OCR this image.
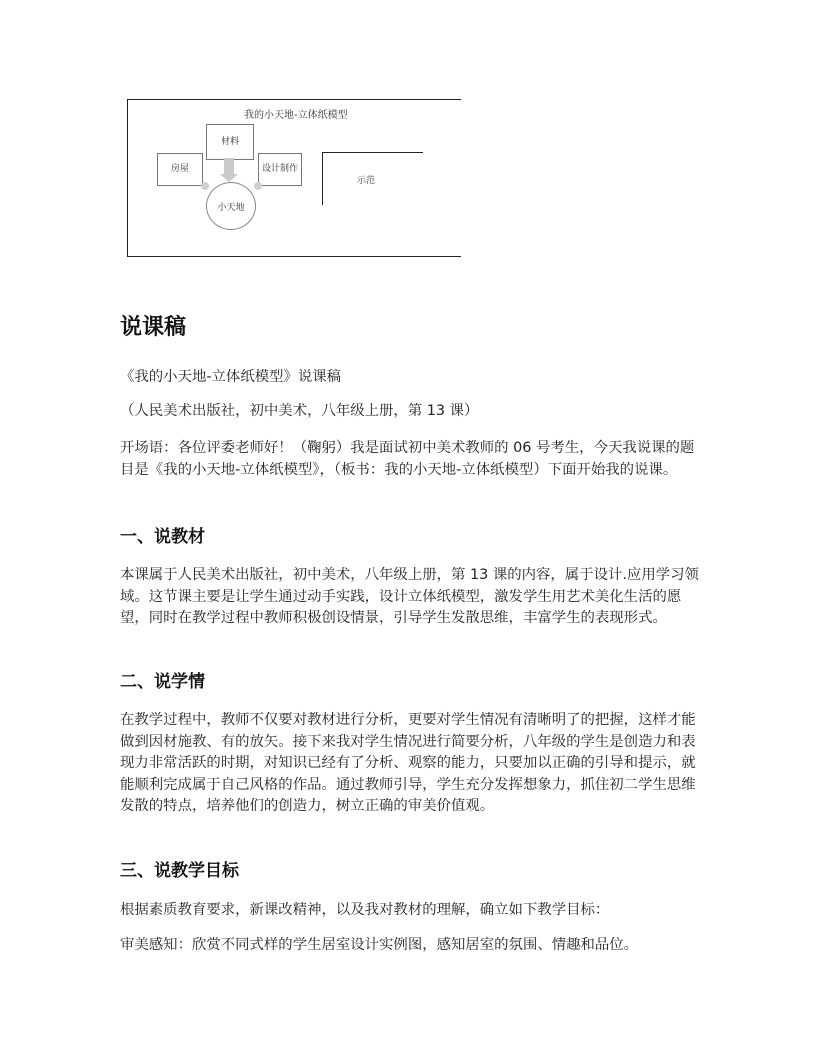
我的小天地-立体纸模型
房屋
材料
设计制作
小天地
示范
说课稿

《我的小天地-立体纸模型》说课稿

（人民美术出版社，初中美术，八年级上册，第 13 课）

开场语：各位评委老师好！（鞠躬）我是面试初中美术教师的 06 号考生，今天我说课的题目是《我的小天地-立体纸模型》，（板书：我的小天地-立体纸模型）下面开始我的说课。

一、说教材

本课属于人民美术出版社，初中美术，八年级上册，第 13 课的内容，属于设计.应用学习领域。这节课主要是让学生通过动手实践，设计立体纸模型，激发学生用艺术美化生活的愿望，同时在教学过程中教师积极创设情景，引导学生发散思维，丰富学生的表现形式。

二、说学情

在教学过程中，教师不仅要对教材进行分析，更要对学生情况有清晰明了的把握，这样才能做到因材施教、有的放矢。接下来我对学生情况进行简要分析，八年级的学生是创造力和表现力非常活跃的时期，对知识已经有了分析、观察的能力，只要加以正确的引导和提示，就能顺利完成属于自己风格的作品。通过教师引导，学生充分发挥想象力，抓住初二学生思维发散的特点，培养他们的创造力，树立正确的审美价值观。

三、说教学目标

根据素质教育要求，新课改精神，以及我对教材的理解，确立如下教学目标：

审美感知：欣赏不同式样的学生居室设计实例图，感知居室的氛围、情趣和品位。
